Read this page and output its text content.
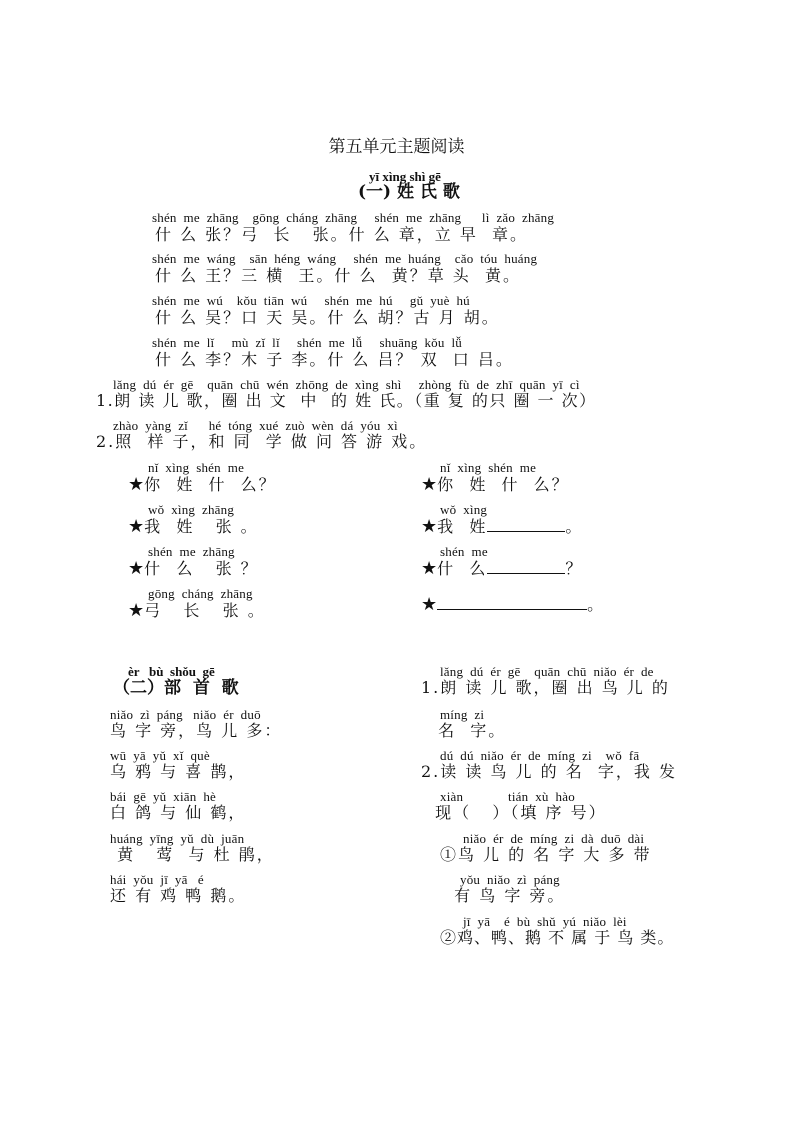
第五单元主题阅读
yī xìng shì gē
(一) 姓 氏 歌
shén  me  zhāng    gōng  cháng  zhāng     shén  me  zhāng      lì  zǎo  zhāng
什 么 张？弓  长   张。什 么 章，立 早  章。
shén  me  wáng    sān  héng  wáng     shén  me  huáng    cǎo  tóu  huáng
什 么 王？三 横  王。什 么  黄？草 头  黄。
shén  me  wú    kǒu  tiān  wú     shén  me  hú     gǔ  yuè  hú
什 么 吴？口 天 吴。什 么 胡？古 月 胡。
shén  me  lǐ     mù  zǐ  lǐ     shén  me  lǚ     shuāng  kǒu  lǚ
什 么 李？木 子 李。什 么 吕？ 双  口 吕。
lǎng  dú  ér  gē    quān  chū  wén  zhōng  de  xìng  shì     zhòng  fù  de  zhī  quān  yī  cì
1.朗 读 儿 歌，圈 出 文  中  的 姓 氏。（重 复 的只 圈 一 次）
zhào  yàng  zǐ      hé  tóng  xué  zuò  wèn  dá  yóu  xì
2.照  样 子，和 同  学 做 问 答 游 戏。
nǐ  xìng  shén  me
★你  姓  什  么？
wǒ  xìng  zhāng
★我  姓   张 。
shén  me  zhāng
★什  么   张 ？
gōng  cháng  zhāng
★弓   长   张 。
nǐ  xìng  shén  me
★你  姓  什  么？
wǒ  xìng
★我  姓	。
shén  me
★什  么	？
★	。
èr   bù  shǒu  gē
（二）部  首  歌
niǎo  zì  páng   niǎo  ér  duō
鸟 字 旁，鸟 儿 多：
wū  yā  yǔ  xǐ  què
乌 鸦 与 喜 鹊，
bái  gē  yǔ  xiān  hè
白 鸽 与 仙 鹤，
huáng  yīng  yǔ  dù  juān
黄   莺  与 杜 鹃，
hái  yǒu  jī  yā   é
还 有 鸡 鸭 鹅。
lǎng  dú  ér  gē    quān  chū  niǎo  ér  de
1.朗 读 儿 歌，圈 出 鸟 儿 的
míng  zi
名  字。
dú  dú  niǎo  ér  de  míng  zi    wǒ  fā
2.读 读 鸟 儿 的 名  字，我 发
xiàn             tián  xù  hào
现（   ）（填 序 号）
niǎo  ér  de  míng  zi  dà  duō  dài
①鸟 儿 的 名 字 大 多 带
yǒu  niǎo  zì  páng
有 鸟 字 旁。
jī  yā    é  bù  shǔ  yú  niǎo  lèi
②鸡、鸭、鹅 不 属 于 鸟 类。
